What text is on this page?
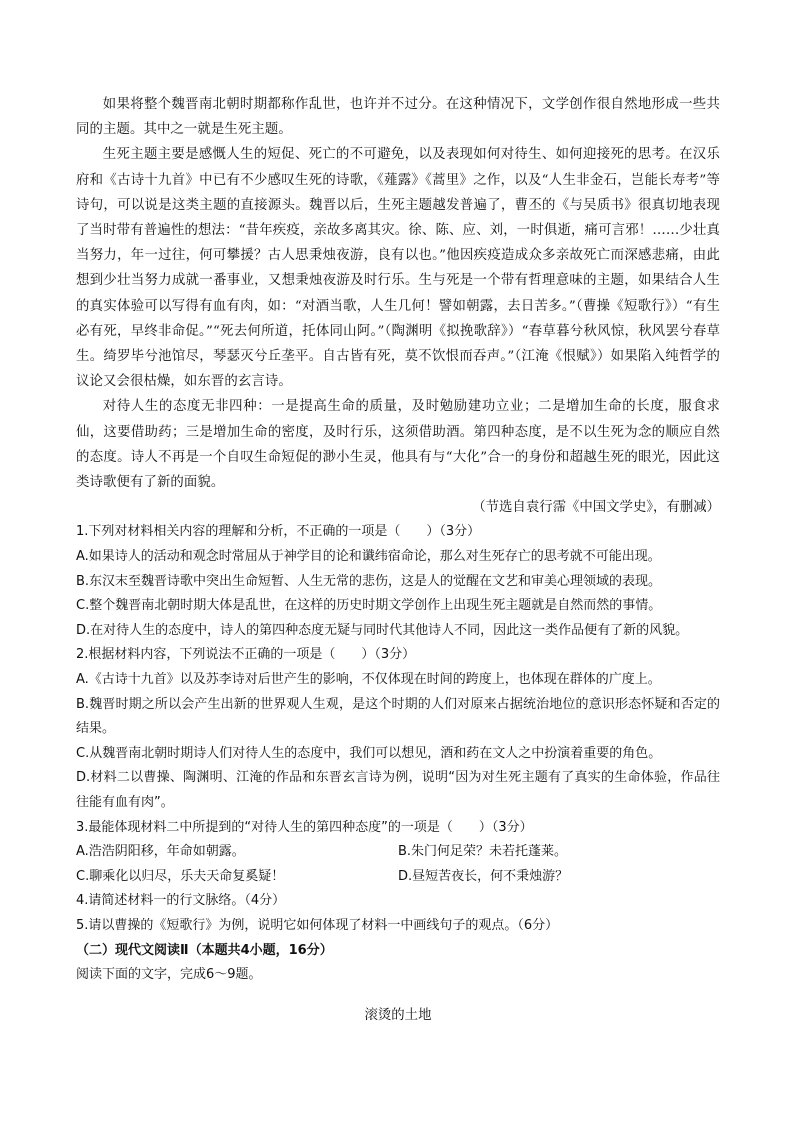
如果将整个魏晋南北朝时期都称作乱世，也许并不过分。在这种情况下，文学创作很自然地形成一些共同的主题。其中之一就是生死主题。

生死主题主要是感慨人生的短促、死亡的不可避免，以及表现如何对待生、如何迎接死的思考。在汉乐府和《古诗十九首》中已有不少感叹生死的诗歌，《薤露》《蒿里》之作，以及“人生非金石，岂能长寿考”等诗句，可以说是这类主题的直接源头。魏晋以后，生死主题越发普遍了，曹丕的《与吴质书》很真切地表现了当时带有普遍性的想法：“昔年疾疫，亲故多离其灾。徐、陈、应、刘，一时俱逝，痛可言邪！……少壮真当努力，年一过往，何可攀援？古人思秉烛夜游，良有以也。”他因疾疫造成众多亲故死亡而深感悲痛，由此想到少壮当努力成就一番事业，又想秉烛夜游及时行乐。生与死是一个带有哲理意味的主题，如果结合人生的真实体验可以写得有血有肉，如：“对酒当歌，人生几何！譬如朝露，去日苦多。”（曹操《短歌行》）“有生必有死，早终非命促。”“死去何所道，托体同山阿。”（陶渊明《拟挽歌辞》）“春草暮兮秋风惊，秋风罢兮春草生。绮罗毕兮池馆尽，琴瑟灭兮丘垄平。自古皆有死，莫不饮恨而吞声。”（江淹《恨赋》）如果陷入纯哲学的议论又会很枯燥，如东晋的玄言诗。

对待人生的态度无非四种：一是提高生命的质量，及时勉励建功立业；二是增加生命的长度，服食求仙，这要借助药；三是增加生命的密度，及时行乐，这须借助酒。第四种态度，是不以生死为念的顺应自然的态度。诗人不再是一个自叹生命短促的渺小生灵，他具有与“大化”合一的身份和超越生死的眼光，因此这类诗歌便有了新的面貌。

（节选自袁行霈《中国文学史》，有删减）

1.下列对材料相关内容的理解和分析，不正确的一项是（　　）（3分）

A.如果诗人的活动和观念时常屈从于神学目的论和谶纬宿命论，那么对生死存亡的思考就不可能出现。

B.东汉末至魏晋诗歌中突出生命短暂、人生无常的悲伤，这是人的觉醒在文艺和审美心理领域的表现。

C.整个魏晋南北朝时期大体是乱世，在这样的历史时期文学创作上出现生死主题就是自然而然的事情。

D.在对待人生的态度中，诗人的第四种态度无疑与同时代其他诗人不同，因此这一类作品便有了新的风貌。

2.根据材料内容，下列说法不正确的一项是（　　）（3分）

A.《古诗十九首》以及苏李诗对后世产生的影响，不仅体现在时间的跨度上，也体现在群体的广度上。

B.魏晋时期之所以会产生出新的世界观人生观，是这个时期的人们对原来占据统治地位的意识形态怀疑和否定的结果。

C.从魏晋南北朝时期诗人们对待人生的态度中，我们可以想见，酒和药在文人之中扮演着重要的角色。

D.材料二以曹操、陶渊明、江淹的作品和东晋玄言诗为例，说明“因为对生死主题有了真实的生命体验，作品往往能有血有肉”。

3.最能体现材料二中所提到的“对待人生的第四种态度”的一项是（　　）（3分）

A.浩浩阴阳移，年命如朝露。	B.朱门何足荣？未若托蓬莱。

C.聊乘化以归尽，乐夫天命复奚疑！	D.昼短苦夜长，何不秉烛游？

4.请简述材料一的行文脉络。（4分）

5.请以曹操的《短歌行》为例，说明它如何体现了材料一中画线句子的观点。（6分）

（二）现代文阅读Ⅱ（本题共4小题，16分）

阅读下面的文字，完成6～9题。

滚烫的土地
